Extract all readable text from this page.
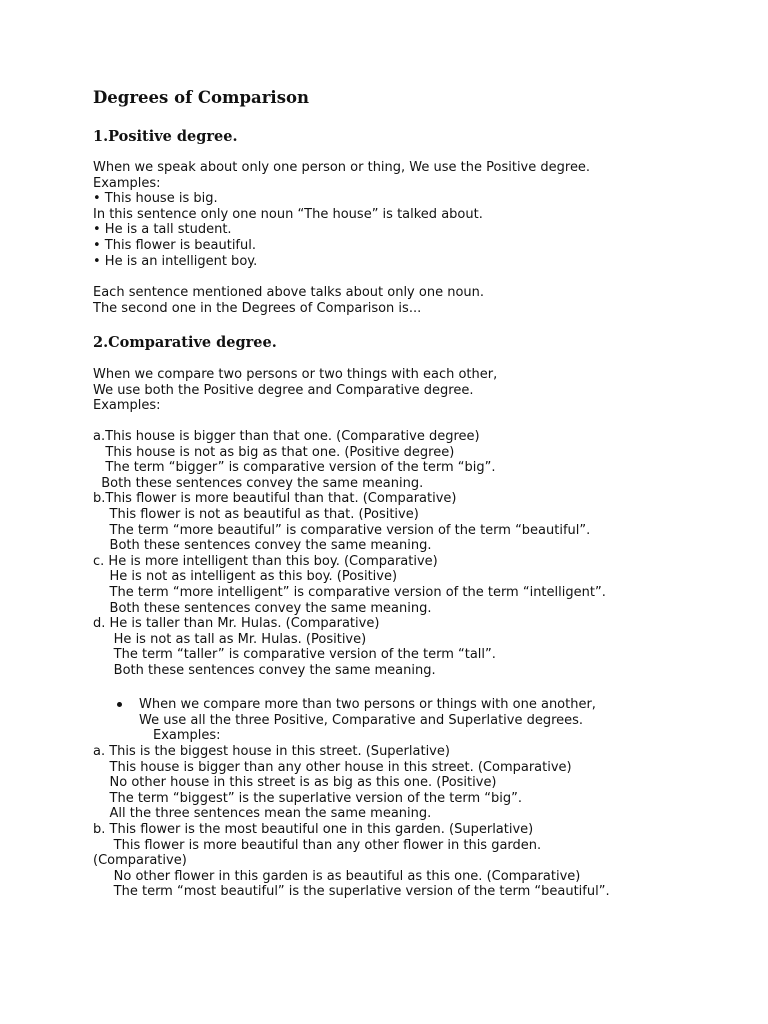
Degrees of Comparison
1.Positive degree.
When we speak about only one person or thing, We use the Positive degree.
Examples:
• This house is big.
In this sentence only one noun “The house” is talked about.
• He is a tall student.
• This flower is beautiful.
• He is an intelligent boy.
Each sentence mentioned above talks about only one noun.
The second one in the Degrees of Comparison is...
2.Comparative degree.
When we compare two persons or two things with each other,
We use both the Positive degree and Comparative degree.
Examples:
a.This house is bigger than that one. (Comparative degree)
This house is not as big as that one. (Positive degree)
The term “bigger” is comparative version of the term “big”.
Both these sentences convey the same meaning.
b.This flower is more beautiful than that. (Comparative)
This flower is not as beautiful as that. (Positive)
The term “more beautiful” is comparative version of the term “beautiful”.
Both these sentences convey the same meaning.
c. He is more intelligent than this boy. (Comparative)
He is not as intelligent as this boy. (Positive)
The term “more intelligent” is comparative version of the term “intelligent”.
Both these sentences convey the same meaning.
d. He is taller than Mr. Hulas. (Comparative)
He is not as tall as Mr. Hulas. (Positive)
The term “taller” is comparative version of the term “tall”.
Both these sentences convey the same meaning.
When we compare more than two persons or things with one another,
We use all the three Positive, Comparative and Superlative degrees.
Examples:
a. This is the biggest house in this street. (Superlative)
This house is bigger than any other house in this street. (Comparative)
No other house in this street is as big as this one. (Positive)
The term “biggest” is the superlative version of the term “big”.
All the three sentences mean the same meaning.
b. This flower is the most beautiful one in this garden. (Superlative)
This flower is more beautiful than any other flower in this garden.
(Comparative)
No other flower in this garden is as beautiful as this one. (Comparative)
The term “most beautiful” is the superlative version of the term “beautiful”.
